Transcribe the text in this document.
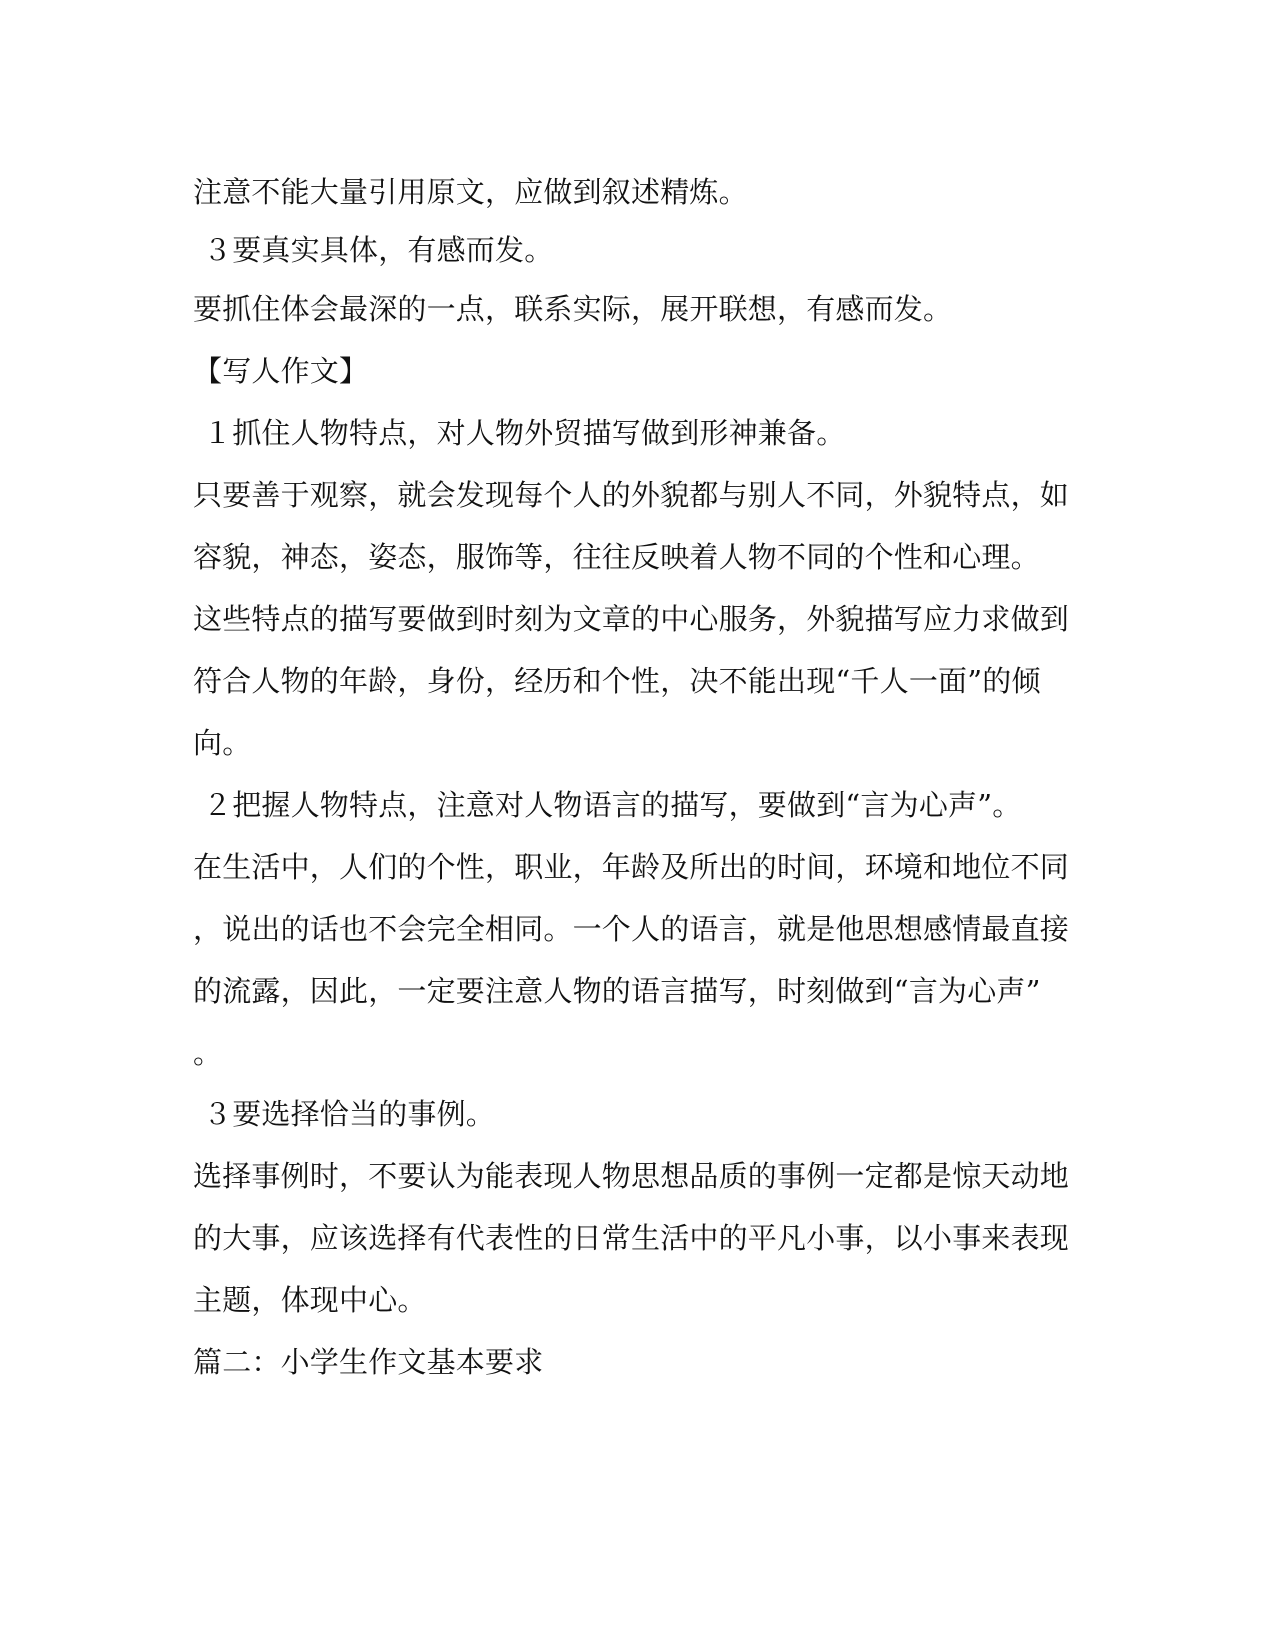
注意不能大量引用原文，应做到叙述精炼。
３要真实具体，有感而发。
要抓住体会最深的一点，联系实际，展开联想，有感而发。
【写人作文】
１抓住人物特点，对人物外贸描写做到形神兼备。
只要善于观察，就会发现每个人的外貌都与别人不同，外貌特点，如
容貌，神态，姿态，服饰等，往往反映着人物不同的个性和心理。
这些特点的描写要做到时刻为文章的中心服务，外貌描写应力求做到
符合人物的年龄，身份，经历和个性，决不能出现“千人一面”的倾
向。
２把握人物特点，注意对人物语言的描写，要做到“言为心声”。
在生活中，人们的个性，职业，年龄及所出的时间，环境和地位不同
，说出的话也不会完全相同。一个人的语言，就是他思想感情最直接
的流露，因此，一定要注意人物的语言描写，时刻做到“言为心声”
。
３要选择恰当的事例。
选择事例时，不要认为能表现人物思想品质的事例一定都是惊天动地
的大事，应该选择有代表性的日常生活中的平凡小事，以小事来表现
主题，体现中心。
篇二：小学生作文基本要求
